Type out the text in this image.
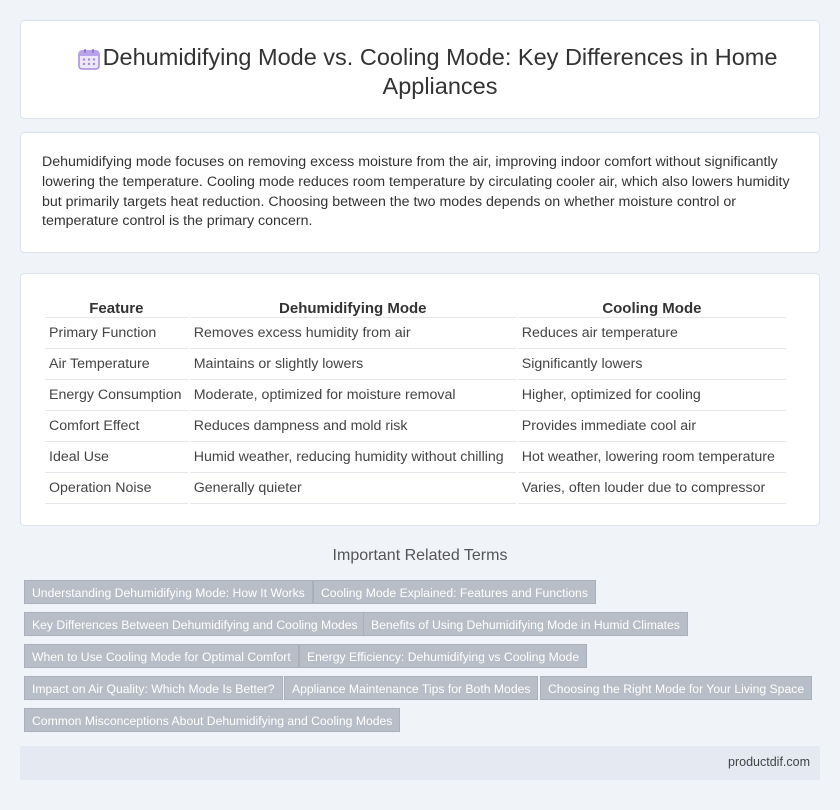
Dehumidifying Mode vs. Cooling Mode: Key Differences in Home Appliances

Dehumidifying mode focuses on removing excess moisture from the air, improving indoor comfort without significantly lowering the temperature. Cooling mode reduces room temperature by circulating cooler air, which also lowers humidity but primarily targets heat reduction. Choosing between the two modes depends on whether moisture control or temperature control is the primary concern.

Feature	Dehumidifying Mode	Cooling Mode
Primary Function	Removes excess humidity from air	Reduces air temperature
Air Temperature	Maintains or slightly lowers	Significantly lowers
Energy Consumption	Moderate, optimized for moisture removal	Higher, optimized for cooling
Comfort Effect	Reduces dampness and mold risk	Provides immediate cool air
Ideal Use	Humid weather, reducing humidity without chilling	Hot weather, lowering room temperature
Operation Noise	Generally quieter	Varies, often louder due to compressor
Important Related Terms
Understanding Dehumidifying Mode: How It Works	Cooling Mode Explained: Features and Functions
Key Differences Between Dehumidifying and Cooling Modes	Benefits of Using Dehumidifying Mode in Humid Climates
When to Use Cooling Mode for Optimal Comfort	Energy Efficiency: Dehumidifying vs Cooling Mode
Impact on Air Quality: Which Mode Is Better?	Appliance Maintenance Tips for Both Modes	Choosing the Right Mode for Your Living Space
Common Misconceptions About Dehumidifying and Cooling Modes
productdif.com
